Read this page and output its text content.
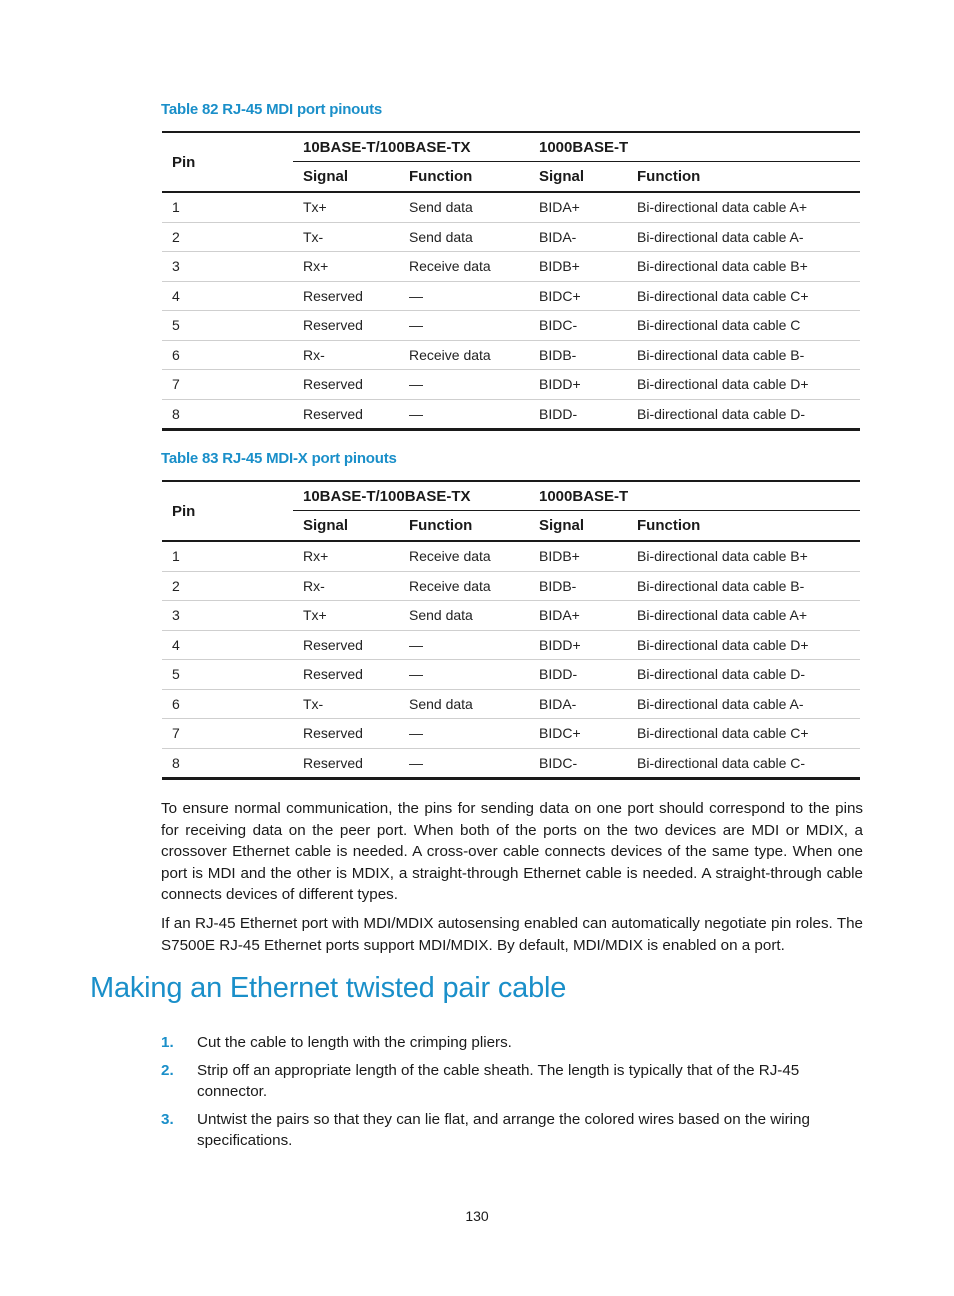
Table 82 RJ-45 MDI port pinouts
Pin	10BASE-T/100BASE-TX		1000BASE-T	
	Signal	Function	Signal	Function
1	Tx+	Send data	BIDA+	Bi-directional data cable A+
2	Tx-	Send data	BIDA-	Bi-directional data cable A-
3	Rx+	Receive data	BIDB+	Bi-directional data cable B+
4	Reserved	—	BIDC+	Bi-directional data cable C+
5	Reserved	—	BIDC-	Bi-directional data cable C
6	Rx-	Receive data	BIDB-	Bi-directional data cable B-
7	Reserved	—	BIDD+	Bi-directional data cable D+
8	Reserved	—	BIDD-	Bi-directional data cable D-
Table 83 RJ-45 MDI-X port pinouts
Pin	10BASE-T/100BASE-TX		1000BASE-T	
	Signal	Function	Signal	Function
1	Rx+	Receive data	BIDB+	Bi-directional data cable B+
2	Rx-	Receive data	BIDB-	Bi-directional data cable B-
3	Tx+	Send data	BIDA+	Bi-directional data cable A+
4	Reserved	—	BIDD+	Bi-directional data cable D+
5	Reserved	—	BIDD-	Bi-directional data cable D-
6	Tx-	Send data	BIDA-	Bi-directional data cable A-
7	Reserved	—	BIDC+	Bi-directional data cable C+
8	Reserved	—	BIDC-	Bi-directional data cable C-

To ensure normal communication, the pins for sending data on one port should correspond to the pins for receiving data on the peer port. When both of the ports on the two devices are MDI or MDIX, a crossover Ethernet cable is needed. A cross-over cable connects devices of the same type. When one port is MDI and the other is MDIX, a straight-through Ethernet cable is needed. A straight-through cable connects devices of different types.

If an RJ-45 Ethernet port with MDI/MDIX autosensing enabled can automatically negotiate pin roles. The S7500E RJ-45 Ethernet ports support MDI/MDIX. By default, MDI/MDIX is enabled on a port.

Making an Ethernet twisted pair cable
1. Cut the cable to length with the crimping pliers.
2. Strip off an appropriate length of the cable sheath. The length is typically that of the RJ-45 connector.
3. Untwist the pairs so that they can lie flat, and arrange the colored wires based on the wiring specifications.
130
